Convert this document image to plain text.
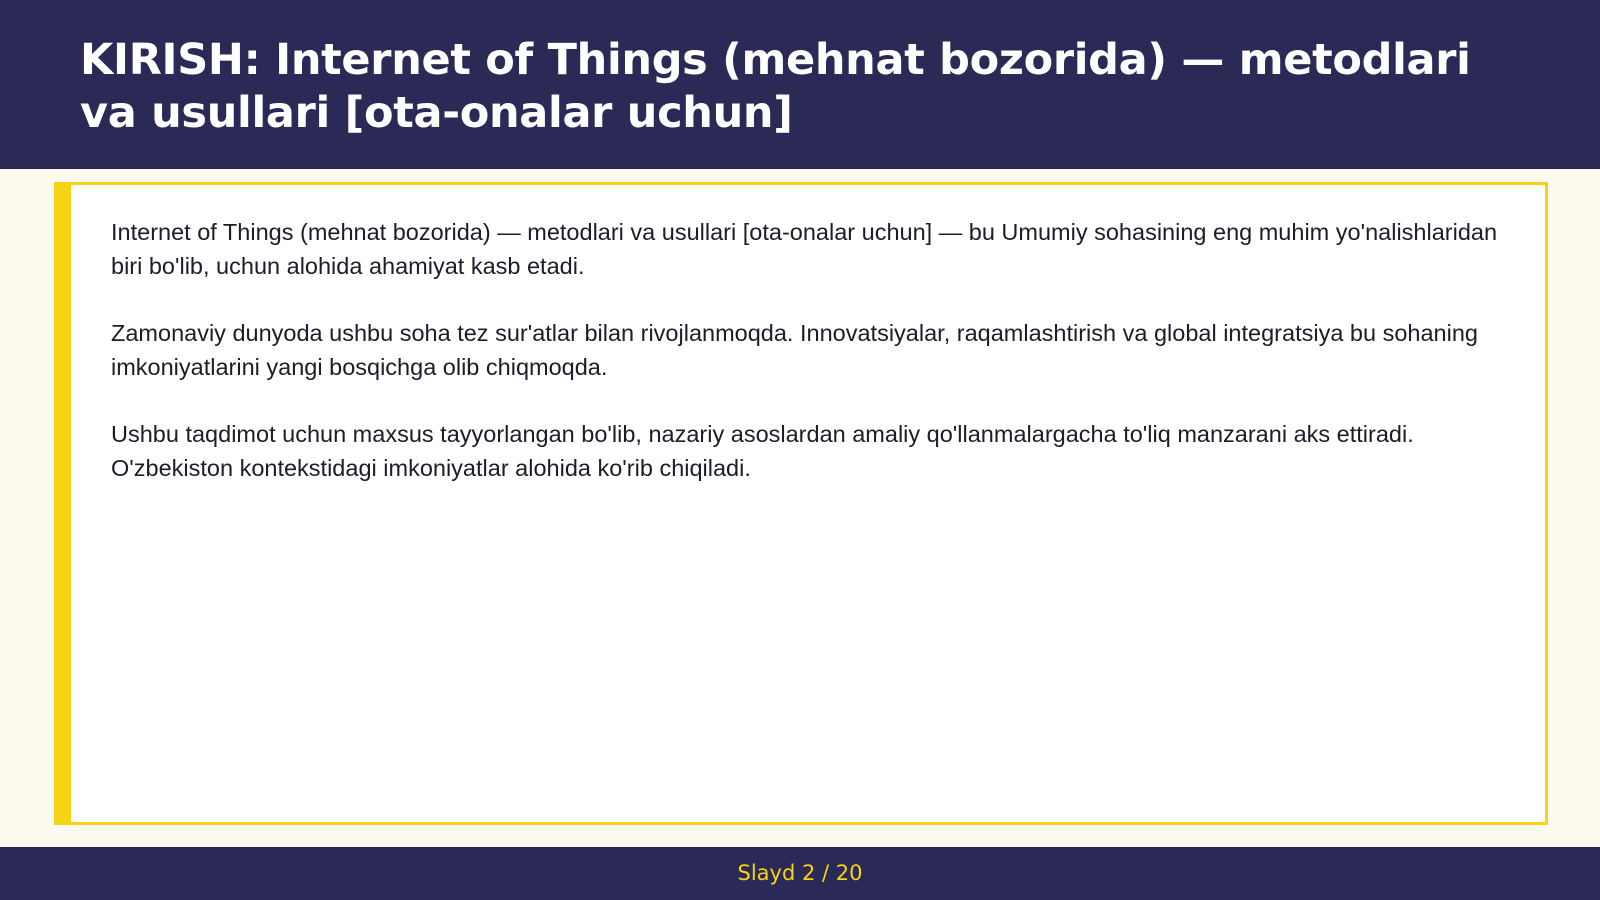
KIRISH: Internet of Things (mehnat bozorida) — metodlari va usullari [ota-onalar uchun]

Internet of Things (mehnat bozorida) — metodlari va usullari [ota-onalar uchun] — bu Umumiy sohasining eng muhim yo'nalishlaridan biri bo'lib, uchun alohida ahamiyat kasb etadi.

Zamonaviy dunyoda ushbu soha tez sur'atlar bilan rivojlanmoqda. Innovatsiyalar, raqamlashtirish va global integratsiya bu sohaning imkoniyatlarini yangi bosqichga olib chiqmoqda.

Ushbu taqdimot uchun maxsus tayyorlangan bo'lib, nazariy asoslardan amaliy qo'llanmalargacha to'liq manzarani aks ettiradi. O'zbekiston kontekstidagi imkoniyatlar alohida ko'rib chiqiladi.

Slayd 2 / 20
